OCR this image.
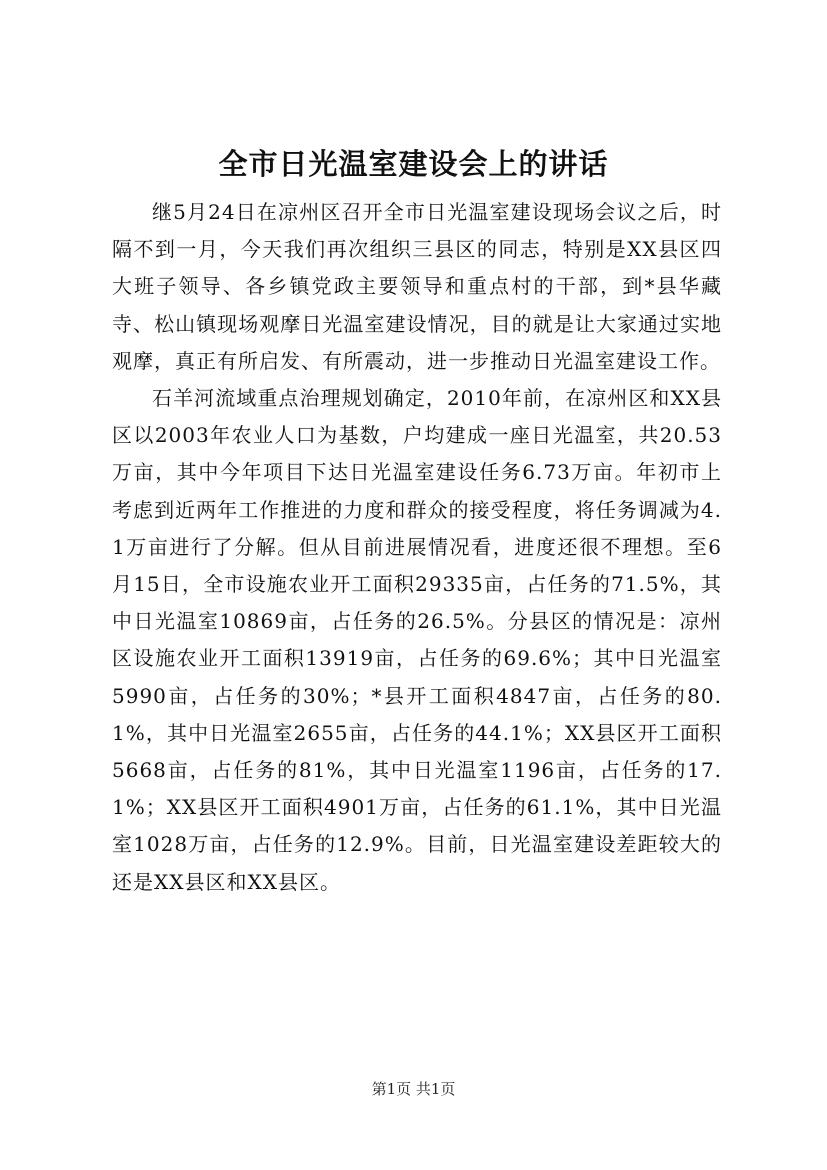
全市日光温室建设会上的讲话

继5月24日在凉州区召开全市日光温室建设现场会议之后，时隔不到一月，今天我们再次组织三县区的同志，特别是XX县区四大班子领导、各乡镇党政主要领导和重点村的干部，到*县华藏寺、松山镇现场观摩日光温室建设情况，目的就是让大家通过实地观摩，真正有所启发、有所震动，进一步推动日光温室建设工作。

石羊河流域重点治理规划确定，2010年前，在凉州区和XX县区以2003年农业人口为基数，户均建成一座日光温室，共20.53万亩，其中今年项目下达日光温室建设任务6.73万亩。年初市上考虑到近两年工作推进的力度和群众的接受程度，将任务调减为4.1万亩进行了分解。但从目前进展情况看，进度还很不理想。至6月15日，全市设施农业开工面积29335亩，占任务的71.5%，其中日光温室10869亩，占任务的26.5%。分县区的情况是：凉州区设施农业开工面积13919亩，占任务的69.6%；其中日光温室5990亩，占任务的30%；*县开工面积4847亩，占任务的80.1%，其中日光温室2655亩，占任务的44.1%；XX县区开工面积5668亩，占任务的81%，其中日光温室1196亩，占任务的17.1%；XX县区开工面积4901万亩，占任务的61.1%，其中日光温室1028万亩，占任务的12.9%。目前，日光温室建设差距较大的还是XX县区和XX县区。

第1页 共1页
